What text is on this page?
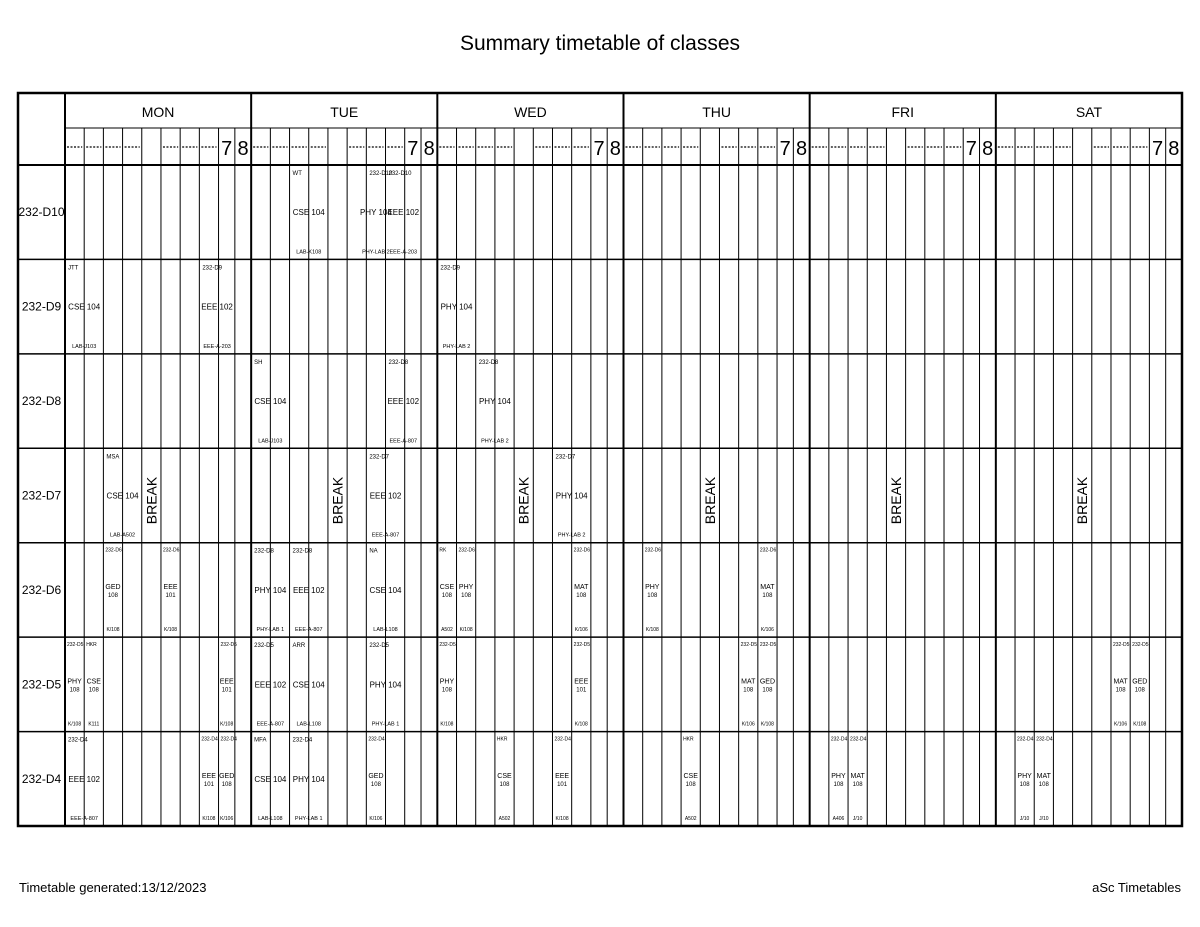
Summary timetable of classes
MON
7 8
BREAK
TUE
7 8
BREAK
WED
7 8
BREAK
THU
7 8
BREAK
FRI
7 8
BREAK
SAT
7 8
BREAK
232-D10
232-D9
232-D8
232-D7
232-D6
232-D5
232-D4
WT
CSE 104
LAB-K108
232-D10
PHY 104
PHY-LAB 2
232-D10
EEE 102
EEE-A-203
JTT
CSE 104
LAB-J103
232-D9
EEE 102
EEE-A-203
232-D9
PHY 104
PHY-LAB 2
SH
CSE 104
LAB-J103
232-D8
EEE 102
EEE-A-807
232-D8
PHY 104
PHY-LAB 2
MSA
CSE 104
LAB-A502
232-D7
EEE 102
EEE-A-807
232-D7
PHY 104
PHY-LAB 2
232-D8
PHY 104
PHY-LAB 1
232-D8
EEE 102
EEE-A-807
NA
CSE 104
LAB-L108
232-D5
EEE 102
EEE-A-807
ARR
CSE 104
LAB-L108
232-D5
PHY 104
PHY-LAB 1
232-D4
EEE 102
EEE-A-807
MFA
CSE 104
LAB-L108
232-D4
PHY 104
PHY-LAB 1
232-D6
GED
108
K/108
232-D6
EEE
101
K/108
RK
CSE
108
A502
232-D6
PHY
108
K/108
232-D6
MAT
108
K/106
232-D6
PHY
108
K/108
232-D6
MAT
108
K/106
232-D5
PHY
108
K/108
HKR
CSE
108
K111
232-D5
EEE
101
K/108
232-D5
PHY
108
K/108
232-D5
EEE
101
K/108
232-D5
MAT
108
K/106
232-D5
GED
108
K/108
232-D5
MAT
108
K/106
232-D5
GED
108
K/108
232-D4
EEE
101
K/108
232-D4
GED
108
K/106
232-D4
GED
108
K/106
HKR
CSE
108
A502
232-D4
EEE
101
K/108
HKR
CSE
108
A502
232-D4
PHY
108
A406
232-D4
MAT
108
J/10
232-D4
PHY
108
J/10
232-D4
MAT
108
J/10
Timetable generated:13/12/2023	aSc Timetables
